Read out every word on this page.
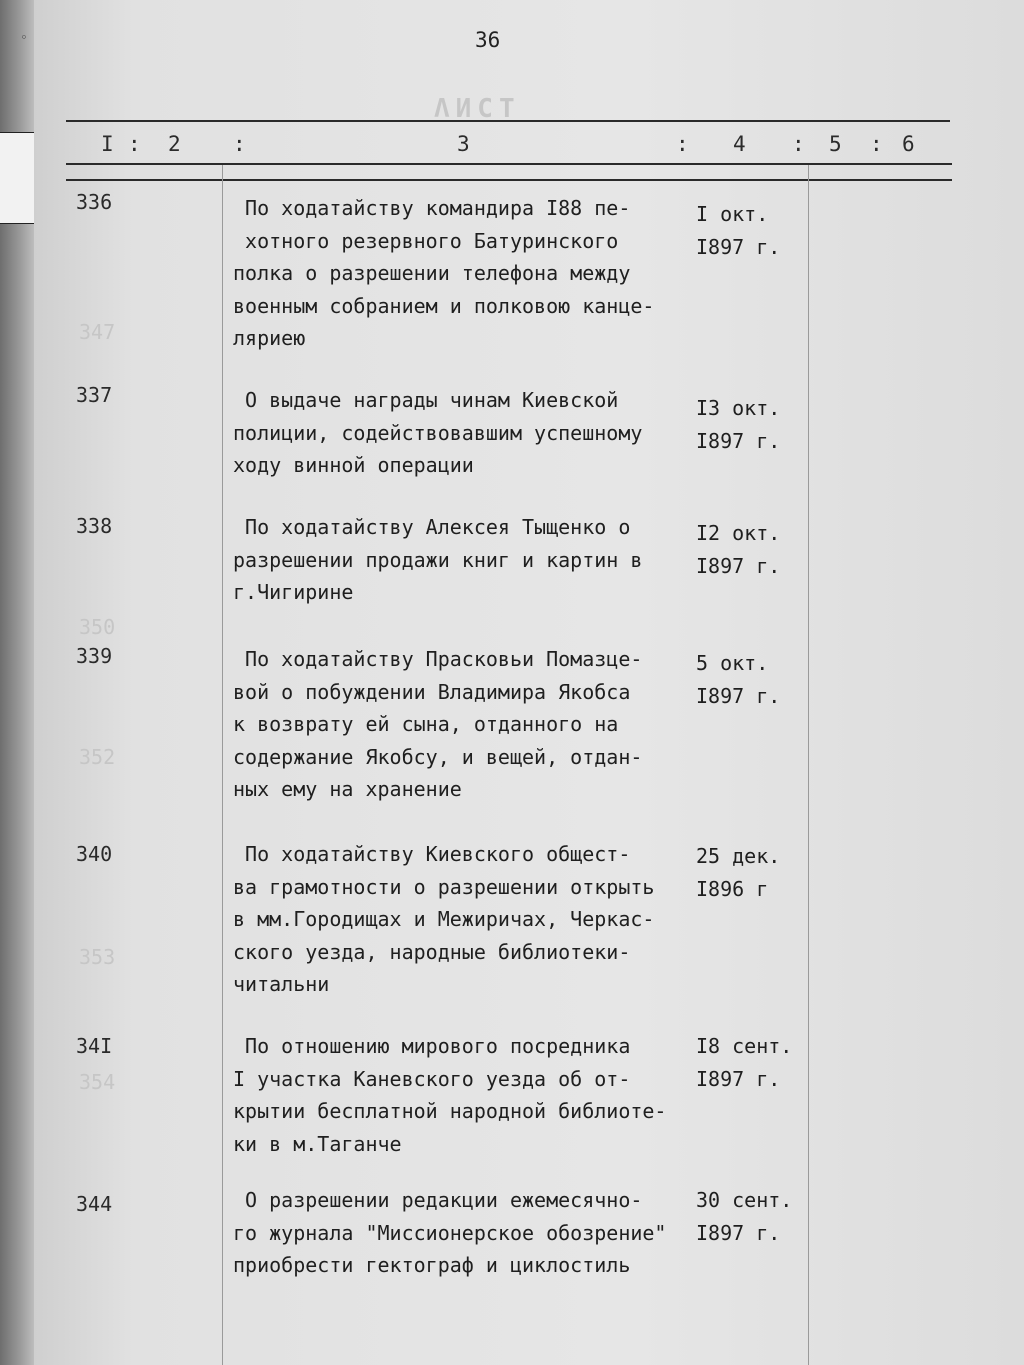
◦
ΛИСТ
347
350
352
353
354
36
I : 2 :	3	: 4 : 5 : 6
336	По ходатайству командира I88 пе-
хотного резервного Батуринского
полка о разрешении телефона между
военным собранием и полковою канце-
ляриею
I окт.
I897 г.
337	О выдаче награды чинам Киевской
полиции, содействовавшим успешному
ходу винной операции
I3 окт.
I897 г.
338	По ходатайству Алексея Тыщенко о
разрешении продажи книг и картин в
г.Чигирине
I2 окт.
I897 г.
339	По ходатайству Прасковьи Помазце-
вой о побуждении Владимира Якобса
к возврату ей сына, отданного на
содержание Якобсу, и вещей, отдан-
ных ему на хранение
5 окт.
I897 г.
340	По ходатайству Киевского общест-
ва грамотности о разрешении открыть
в мм.Городищах и Межиричах, Черкас-
ского уезда, народные библиотеки-
читальни
25 дек.
I896 г
34I	По отношению мирового посредника
I участка Каневского уезда об от-
крытии бесплатной народной библиоте-
ки в м.Таганче
I8 сент.
I897 г.
344	О разрешении редакции ежемесячно-
го журнала "Миссионерское обозрение"
приобрести гектограф и циклостиль
30 сент.
I897 г.
